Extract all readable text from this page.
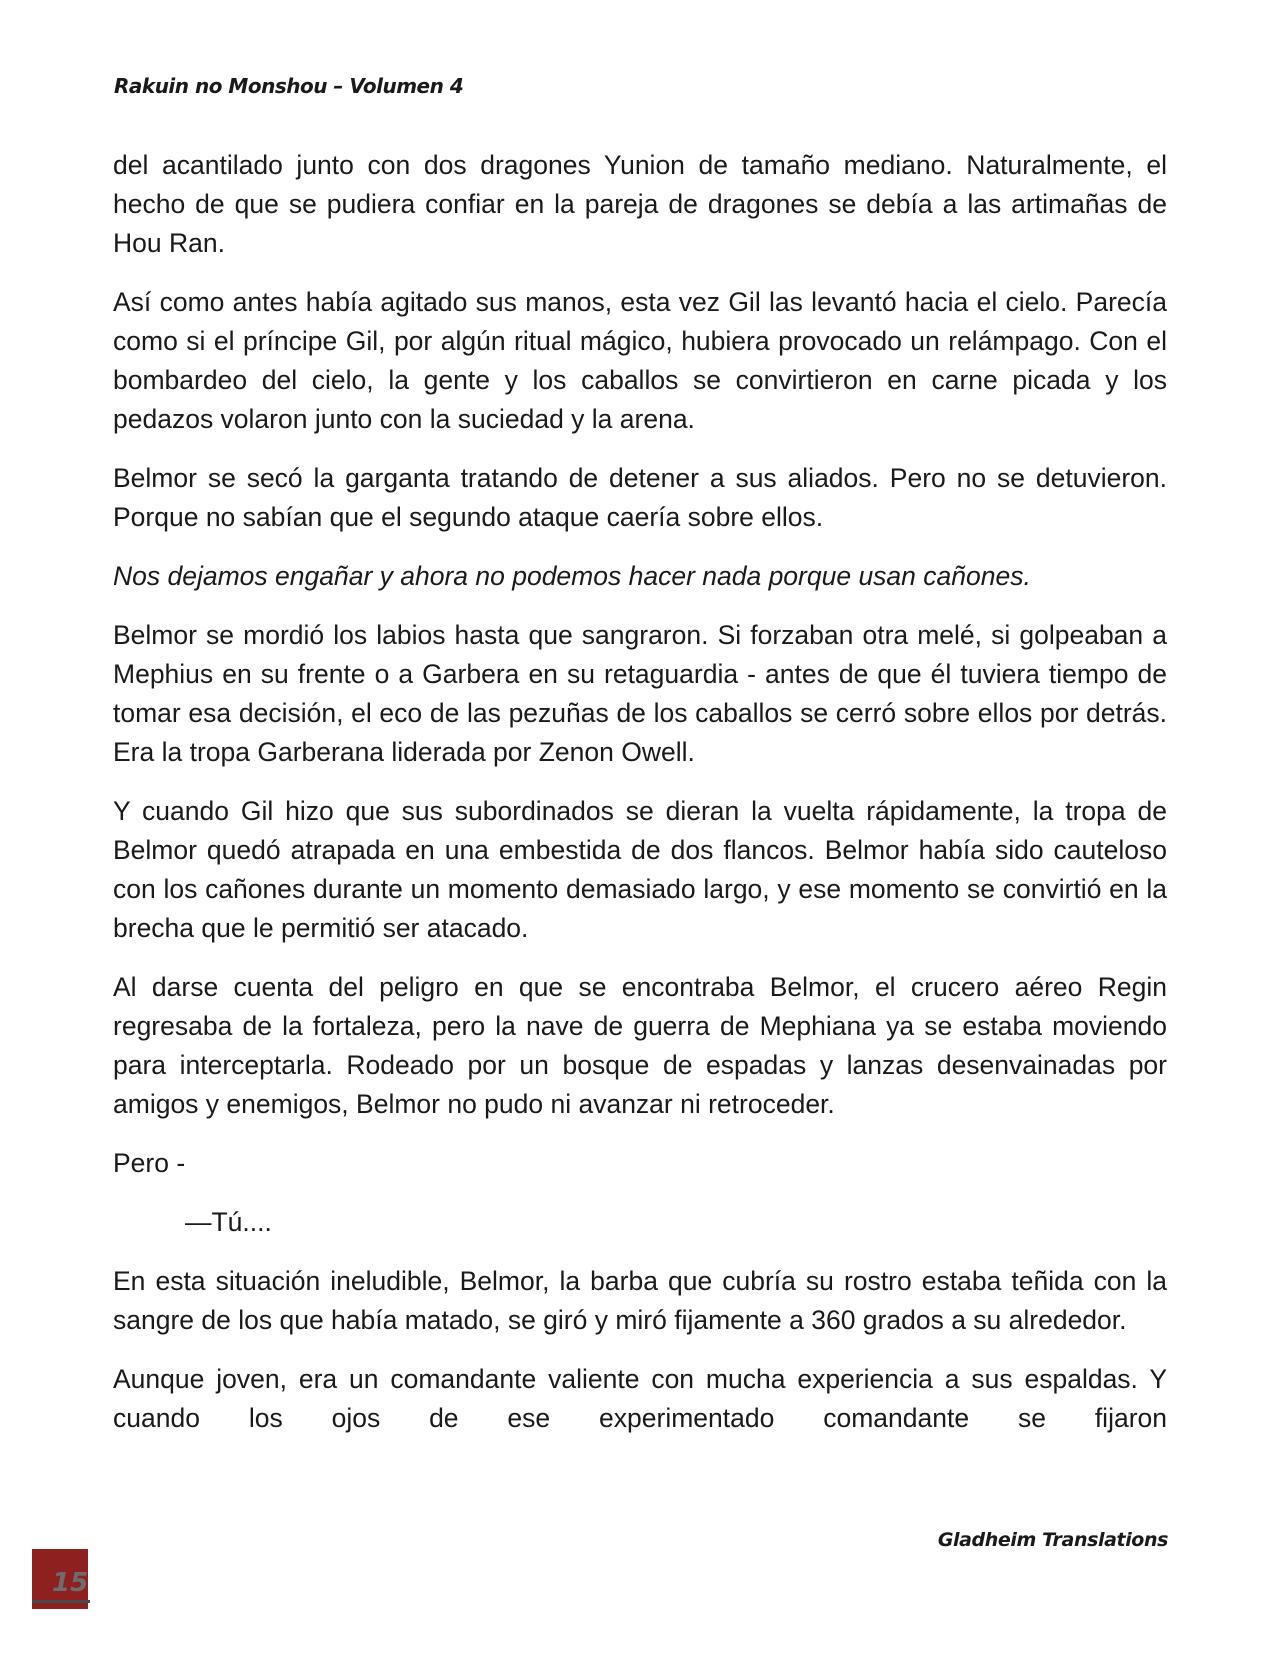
Rakuin no Monshou – Volumen 4

del acantilado junto con dos dragones Yunion de tamaño mediano. Naturalmente, el hecho de que se pudiera confiar en la pareja de dragones se debía a las artimañas de Hou Ran.

Así como antes había agitado sus manos, esta vez Gil las levantó hacia el cielo. Parecía como si el príncipe Gil, por algún ritual mágico, hubiera provocado un relámpago. Con el bombardeo del cielo, la gente y los caballos se convirtieron en carne picada y los pedazos volaron junto con la suciedad y la arena.

Belmor se secó la garganta tratando de detener a sus aliados. Pero no se detuvieron. Porque no sabían que el segundo ataque caería sobre ellos.

Nos dejamos engañar y ahora no podemos hacer nada porque usan cañones.

Belmor se mordió los labios hasta que sangraron. Si forzaban otra melé, si golpeaban a Mephius en su frente o a Garbera en su retaguardia - antes de que él tuviera tiempo de tomar esa decisión, el eco de las pezuñas de los caballos se cerró sobre ellos por detrás. Era la tropa Garberana liderada por Zenon Owell.

Y cuando Gil hizo que sus subordinados se dieran la vuelta rápidamente, la tropa de Belmor quedó atrapada en una embestida de dos flancos. Belmor había sido cauteloso con los cañones durante un momento demasiado largo, y ese momento se convirtió en la brecha que le permitió ser atacado.

Al darse cuenta del peligro en que se encontraba Belmor, el crucero aéreo Regin regresaba de la fortaleza, pero la nave de guerra de Mephiana ya se estaba moviendo para interceptarla. Rodeado por un bosque de espadas y lanzas desenvainadas por amigos y enemigos, Belmor no pudo ni avanzar ni retroceder.

Pero -

—Tú....

En esta situación ineludible, Belmor, la barba que cubría su rostro estaba teñida con la sangre de los que había matado, se giró y miró fijamente a 360 grados a su alrededor.

Aunque joven, era un comandante valiente con mucha experiencia a sus espaldas. Y cuando los ojos de ese experimentado comandante se fijaron

Gladheim Translations
15
